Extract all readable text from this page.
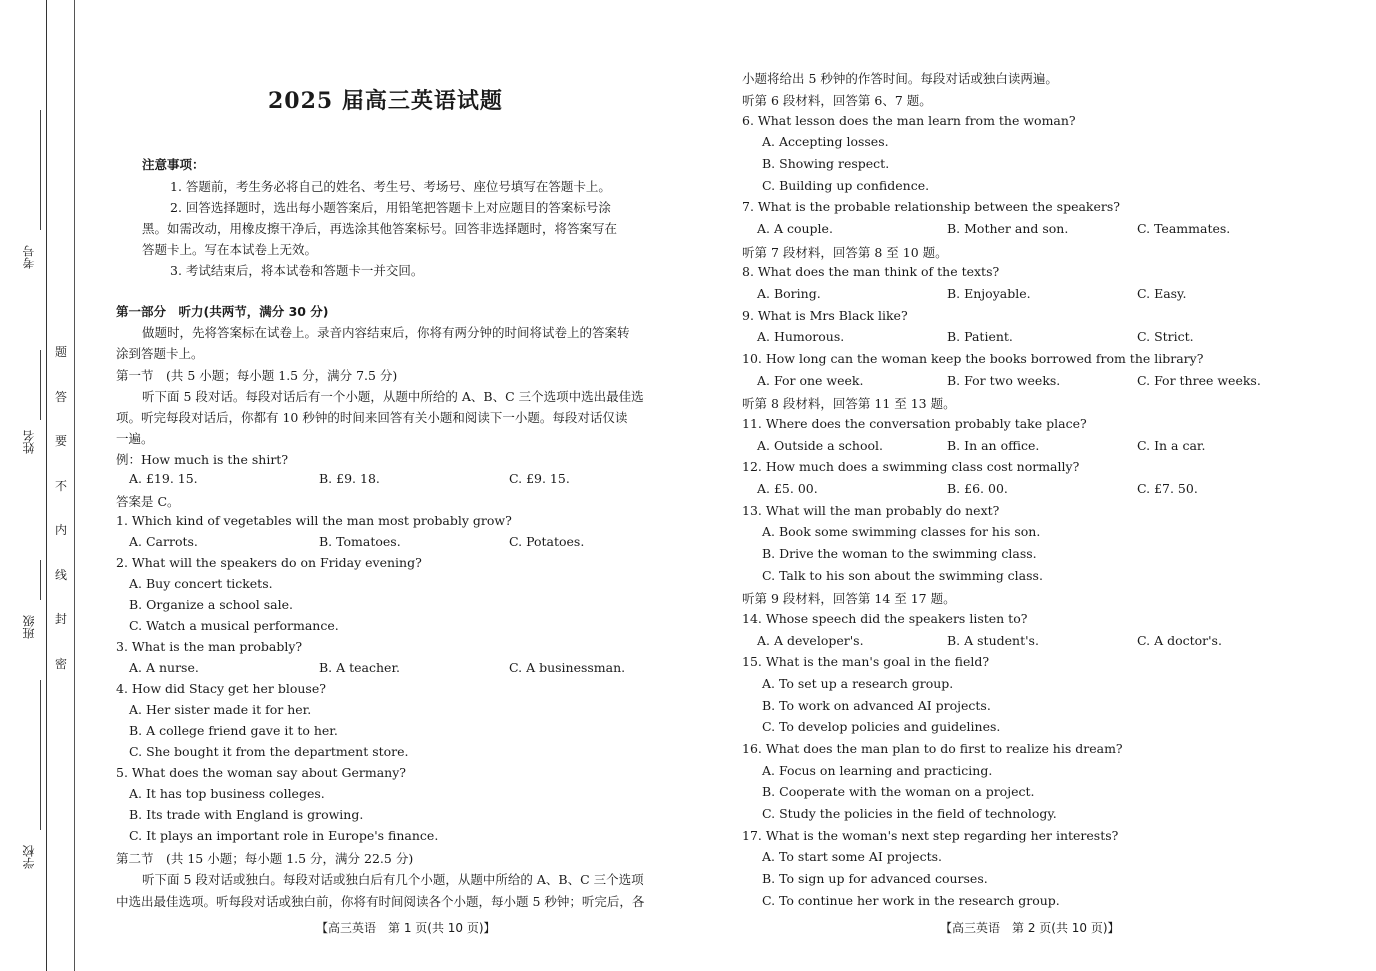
考号
姓名
班级
学校
题
答
要
不
内
线
封
密
2025 届高三英语试题
注意事项：
1. 答题前，考生务必将自己的姓名、考生号、考场号、座位号填写在答题卡上。
2. 回答选择题时，选出每小题答案后，用铅笔把答题卡上对应题目的答案标号涂
黑。如需改动，用橡皮擦干净后，再选涂其他答案标号。回答非选择题时，将答案写在
答题卡上。写在本试卷上无效。
3. 考试结束后，将本试卷和答题卡一并交回。
第一部分　听力(共两节，满分 30 分)
做题时，先将答案标在试卷上。录音内容结束后，你将有两分钟的时间将试卷上的答案转
涂到答题卡上。
第一节　(共 5 小题；每小题 1.5 分，满分 7.5 分)
听下面 5 段对话。每段对话后有一个小题，从题中所给的 A、B、C 三个选项中选出最佳选
项。听完每段对话后，你都有 10 秒钟的时间来回答有关小题和阅读下一小题。每段对话仅读
一遍。
例：How much is the shirt?
A. £19. 15.	B. £9. 18.	C. £9. 15.
答案是 C。
1. Which kind of vegetables will the man most probably grow?
A. Carrots.	B. Tomatoes.	C. Potatoes.
2. What will the speakers do on Friday evening?
A. Buy concert tickets.
B. Organize a school sale.
C. Watch a musical performance.
3. What is the man probably?
A. A nurse.	B. A teacher.	C. A businessman.
4. How did Stacy get her blouse?
A. Her sister made it for her.
B. A college friend gave it to her.
C. She bought it from the department store.
5. What does the woman say about Germany?
A. It has top business colleges.
B. Its trade with England is growing.
C. It plays an important role in Europe's finance.
第二节　(共 15 小题；每小题 1.5 分，满分 22.5 分)
听下面 5 段对话或独白。每段对话或独白后有几个小题，从题中所给的 A、B、C 三个选项
中选出最佳选项。听每段对话或独白前，你将有时间阅读各个小题，每小题 5 秒钟；听完后，各
小题将给出 5 秒钟的作答时间。每段对话或独白读两遍。
听第 6 段材料，回答第 6、7 题。
6. What lesson does the man learn from the woman?
A. Accepting losses.
B. Showing respect.
C. Building up confidence.
7. What is the probable relationship between the speakers?
A. A couple.	B. Mother and son.	C. Teammates.
听第 7 段材料，回答第 8 至 10 题。
8. What does the man think of the texts?
A. Boring.	B. Enjoyable.	C. Easy.
9. What is Mrs Black like?
A. Humorous.	B. Patient.	C. Strict.
10. How long can the woman keep the books borrowed from the library?
A. For one week.	B. For two weeks.	C. For three weeks.
听第 8 段材料，回答第 11 至 13 题。
11. Where does the conversation probably take place?
A. Outside a school.	B. In an office.	C. In a car.
12. How much does a swimming class cost normally?
A. £5. 00.	B. £6. 00.	C. £7. 50.
13. What will the man probably do next?
A. Book some swimming classes for his son.
B. Drive the woman to the swimming class.
C. Talk to his son about the swimming class.
听第 9 段材料，回答第 14 至 17 题。
14. Whose speech did the speakers listen to?
A. A developer's.	B. A student's.	C. A doctor's.
15. What is the man's goal in the field?
A. To set up a research group.
B. To work on advanced AI projects.
C. To develop policies and guidelines.
16. What does the man plan to do first to realize his dream?
A. Focus on learning and practicing.
B. Cooperate with the woman on a project.
C. Study the policies in the field of technology.
17. What is the woman's next step regarding her interests?
A. To start some AI projects.
B. To sign up for advanced courses.
C. To continue her work in the research group.
【高三英语　第 1 页(共 10 页)】	【高三英语　第 2 页(共 10 页)】
